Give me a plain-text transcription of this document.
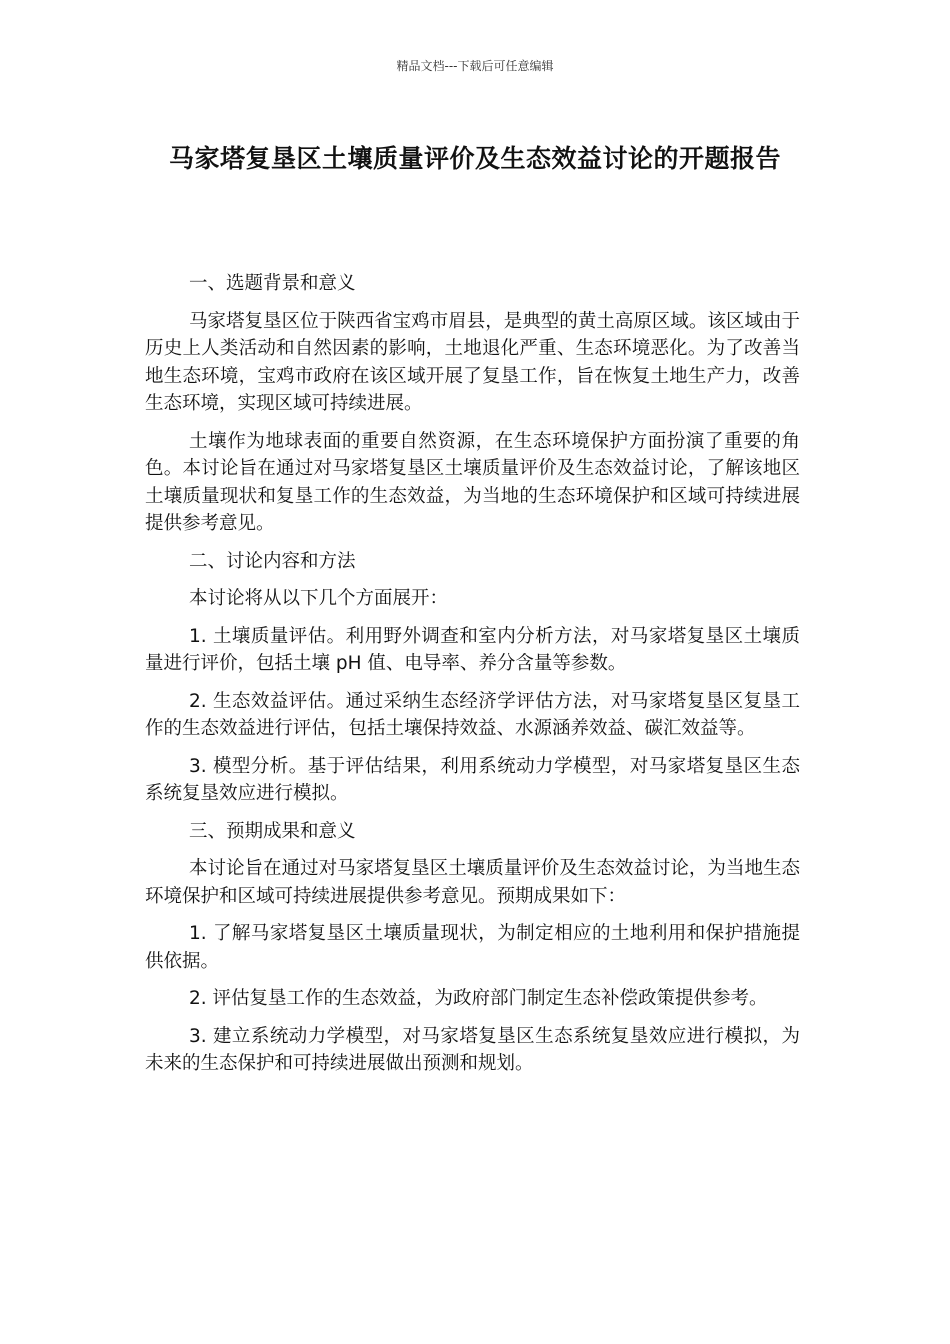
精品文档---下载后可任意编辑
马家塔复垦区土壤质量评价及生态效益讨论的开题报告

一、选题背景和意义

马家塔复垦区位于陕西省宝鸡市眉县，是典型的黄土高原区域。该区域由于历史上人类活动和自然因素的影响，土地退化严重、生态环境恶化。为了改善当地生态环境，宝鸡市政府在该区域开展了复垦工作，旨在恢复土地生产力，改善生态环境，实现区域可持续进展。

土壤作为地球表面的重要自然资源，在生态环境保护方面扮演了重要的角色。本讨论旨在通过对马家塔复垦区土壤质量评价及生态效益讨论，了解该地区土壤质量现状和复垦工作的生态效益，为当地的生态环境保护和区域可持续进展提供参考意见。

二、讨论内容和方法

本讨论将从以下几个方面展开：

1. 土壤质量评估。利用野外调查和室内分析方法，对马家塔复垦区土壤质量进行评价，包括土壤 pH 值、电导率、养分含量等参数。

2. 生态效益评估。通过采纳生态经济学评估方法，对马家塔复垦区复垦工作的生态效益进行评估，包括土壤保持效益、水源涵养效益、碳汇效益等。

3. 模型分析。基于评估结果，利用系统动力学模型，对马家塔复垦区生态系统复垦效应进行模拟。

三、预期成果和意义

本讨论旨在通过对马家塔复垦区土壤质量评价及生态效益讨论，为当地生态环境保护和区域可持续进展提供参考意见。预期成果如下：

1. 了解马家塔复垦区土壤质量现状，为制定相应的土地利用和保护措施提供依据。

2. 评估复垦工作的生态效益，为政府部门制定生态补偿政策提供参考。

3. 建立系统动力学模型，对马家塔复垦区生态系统复垦效应进行模拟，为未来的生态保护和可持续进展做出预测和规划。
